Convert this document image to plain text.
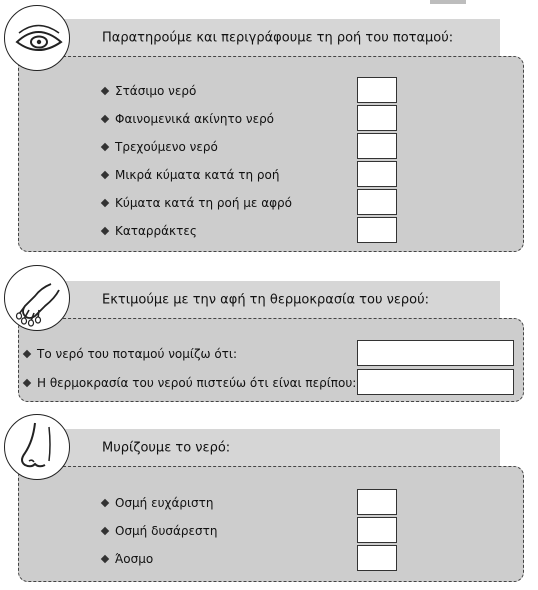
Παρατηρούμε και περιγράφουμε τη ροή του ποταμού:
Στάσιμο νερό
Φαινομενικά ακίνητο νερό
Τρεχούμενο νερό
Μικρά κύματα κατά τη ροή
Κύματα κατά τη ροή με αφρό
Καταρράκτες
Εκτιμούμε με την αφή τη θερμοκρασία του νερού:
Το νερό του ποταμού νομίζω ότι:
Η θερμοκρασία του νερού πιστεύω ότι είναι περίπου:
Μυρίζουμε το νερό:
Οσμή ευχάριστη
Οσμή δυσάρεστη
Άοσμο
